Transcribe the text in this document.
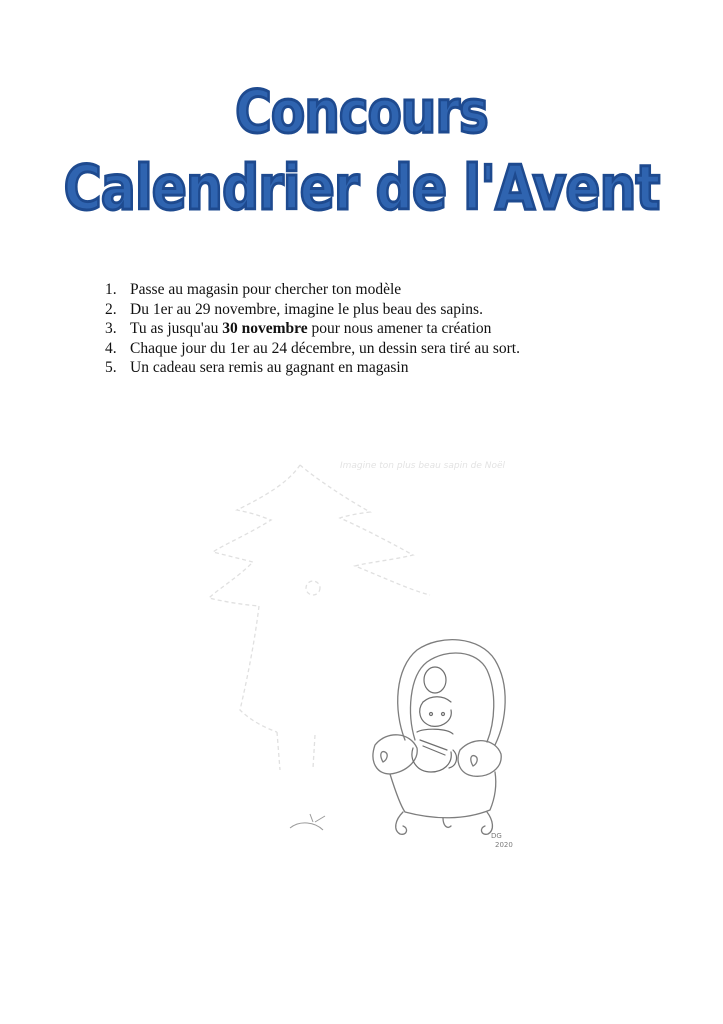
Concours
Calendrier de l'Avent
1. Passe au magasin pour chercher ton modèle
2. Du 1er au 29 novembre, imagine le plus beau des sapins.
3. Tu as jusqu'au 30 novembre pour nous amener ta création
4. Chaque jour du 1er au 24 décembre, un dessin sera tiré au sort.
5. Un cadeau sera remis au gagnant en magasin
Imagine ton plus beau sapin de Noël
DG
2020
